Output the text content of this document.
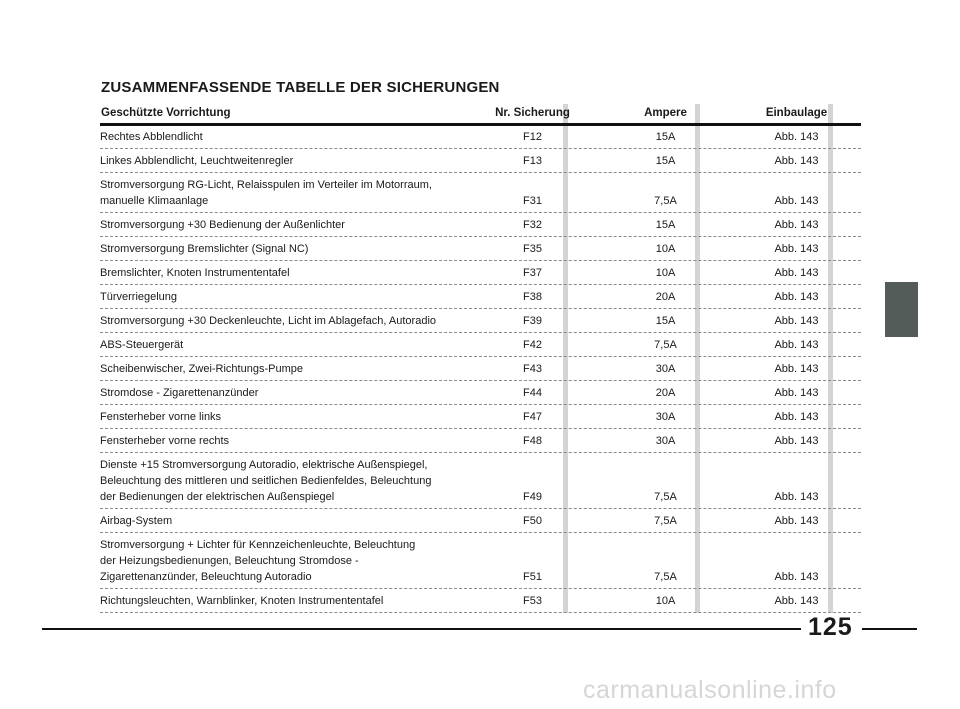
ZUSAMMENFASSENDE TABELLE DER SICHERUNGEN
Geschützte Vorrichtung	Nr. Sicherung	Ampere	Einbaulage
Rechtes Abblendlicht	F12	15A	Abb. 143
Linkes Abblendlicht, Leuchtweitenregler	F13	15A	Abb. 143
Stromversorgung RG-Licht, Relaisspulen im Verteiler im Motorraum,
manuelle Klimaanlage	F31	7,5A	Abb. 143
Stromversorgung +30 Bedienung der Außenlichter	F32	15A	Abb. 143
Stromversorgung Bremslichter (Signal NC)	F35	10A	Abb. 143
Bremslichter, Knoten Instrumententafel	F37	10A	Abb. 143
Türverriegelung	F38	20A	Abb. 143
Stromversorgung +30 Deckenleuchte, Licht im Ablagefach, Autoradio	F39	15A	Abb. 143
ABS-Steuergerät	F42	7,5A	Abb. 143
Scheibenwischer, Zwei-Richtungs-Pumpe	F43	30A	Abb. 143
Stromdose - Zigarettenanzünder	F44	20A	Abb. 143
Fensterheber vorne links	F47	30A	Abb. 143
Fensterheber vorne rechts	F48	30A	Abb. 143
Dienste +15 Stromversorgung Autoradio, elektrische Außenspiegel,
Beleuchtung des mittleren und seitlichen Bedienfeldes, Beleuchtung
der Bedienungen der elektrischen Außenspiegel	F49	7,5A	Abb. 143
Airbag-System	F50	7,5A	Abb. 143
Stromversorgung + Lichter für Kennzeichenleuchte, Beleuchtung
der Heizungsbedienungen, Beleuchtung Stromdose -
Zigarettenanzünder, Beleuchtung Autoradio	F51	7,5A	Abb. 143
Richtungsleuchten, Warnblinker, Knoten Instrumententafel	F53	10A	Abb. 143
125
carmanualsonline.info
